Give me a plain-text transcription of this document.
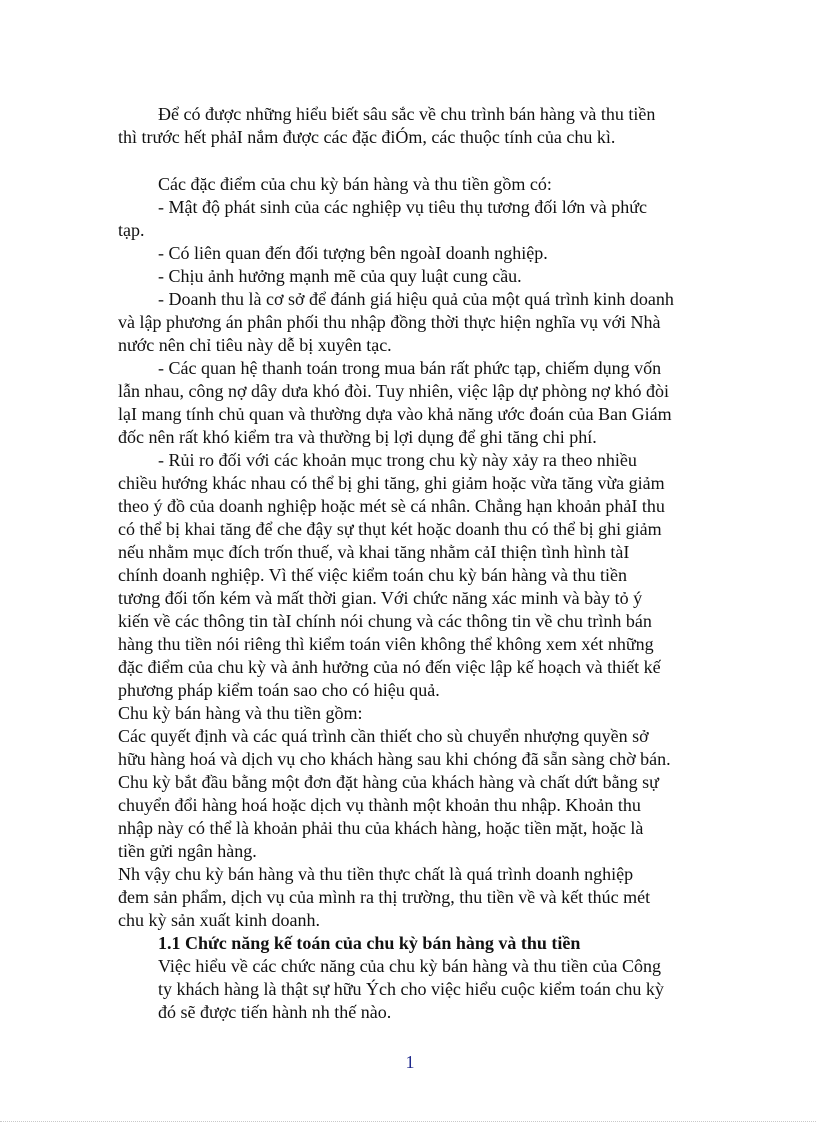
Để có được những hiểu biết sâu sắc về chu trình bán hàng và thu tiền
thì trước hết phảI nắm được các đặc điÓm, các thuộc tính của chu kì.
Các đặc điểm của chu kỳ bán hàng và thu tiền gồm có:
- Mật độ phát sinh của các nghiệp vụ tiêu thụ tương đối lớn và phức
tạp.
- Có liên quan đến đối tượng bên ngoàI doanh nghiệp.
- Chịu ảnh hưởng mạnh mẽ của quy luật cung cầu.
- Doanh thu là cơ sở để đánh giá hiệu quả của một quá trình kinh doanh
và lập phương án phân phối thu nhập đồng thời thực hiện nghĩa vụ với Nhà
nước nên chỉ tiêu này dễ bị xuyên tạc.
- Các quan hệ thanh toán trong mua bán rất phức tạp, chiếm dụng vốn
lẫn nhau, công nợ dây dưa khó đòi. Tuy nhiên, việc lập dự phòng nợ khó đòi
lạI mang tính chủ quan và thường dựa vào khả năng ước đoán của Ban Giám
đốc nên rất khó kiểm tra và thường bị lợi dụng để ghi tăng chi phí.
- Rủi ro đối với các khoản mục trong chu kỳ này xảy ra theo nhiều
chiều hướng khác nhau có thể bị ghi tăng, ghi giảm hoặc vừa tăng vừa giảm
theo ý đồ của doanh nghiệp hoặc mét sè cá nhân. Chẳng hạn khoản phảI thu
có thể bị khai tăng để che đậy sự thụt két hoặc doanh thu có thể bị ghi giảm
nếu nhằm mục đích trốn thuế, và khai tăng nhằm cảI thiện tình hình tàI
chính doanh nghiệp. Vì thế việc kiểm toán chu kỳ bán hàng và thu tiền
tương đối tốn kém và mất thời gian. Với chức năng xác minh và bày tỏ ý
kiến về các thông tin tàI chính nói chung và các thông tin về chu trình bán
hàng thu tiền nói riêng thì kiểm toán viên không thể không xem xét những
đặc điểm của chu kỳ và ảnh hưởng của nó đến việc lập kế hoạch và thiết kế
phương pháp kiểm toán sao cho có hiệu quả.
Chu kỳ bán hàng và thu tiền gồm:
Các quyết định và các quá trình cần thiết cho sù chuyển nhượng quyền sở
hữu hàng hoá và dịch vụ cho khách hàng sau khi chóng đã sẵn sàng chờ bán.
Chu kỳ bắt đầu bằng một đơn đặt hàng của khách hàng và chất dứt bằng sự
chuyển đổi hàng hoá hoặc dịch vụ thành một khoản thu nhập. Khoản thu
nhập này có thể là khoản phải thu của khách hàng, hoặc tiền mặt, hoặc là
tiền gửi ngân hàng.
Nh vậy chu kỳ bán hàng và thu tiền thực chất là quá trình doanh nghiệp
đem sản phẩm, dịch vụ của mình ra thị trường, thu tiền về và kết thúc mét
chu kỳ sản xuất kinh doanh.
1.1 Chức năng kế toán của chu kỳ bán hàng và thu tiền
Việc hiểu về các chức năng của chu kỳ bán hàng và thu tiền của Công
ty khách hàng là thật sự hữu Ých cho việc hiểu cuộc kiểm toán chu kỳ
đó sẽ được tiến hành nh thế nào.
1
